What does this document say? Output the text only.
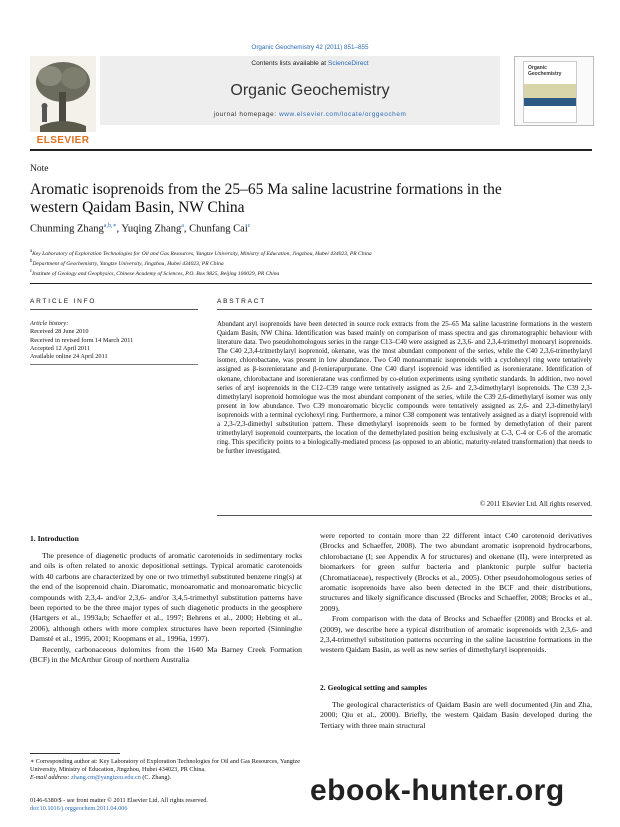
Organic Geochemistry 42 (2011) 851–855
Contents lists available at ScienceDirect
Organic Geochemistry
journal homepage: www.elsevier.com/locate/orggeochem
ELSEVIER
Organic Geochemistry
Note
Aromatic isoprenoids from the 25–65 Ma saline lacustrine formations in the western Qaidam Basin, NW China
Chunming Zhang$^{a,b,∗}$, Yuqing Zhang$^a$, Chunfang Cai$^c$
$^a$Key Laboratory of Exploration Technologies for Oil and Gas Resources, Yangtze University, Ministry of Education, Jingzhou, Hubei 434023, PR China
$^b$Department of Geochemistry, Yangtze University, Jingzhou, Hubei 434023, PR China
$^c$Institute of Geology and Geophysics, Chinese Academy of Sciences, P.O. Box 9825, Beijing 100029, PR China
ARTICLE INFO	ABSTRACT
Article history:
Received 28 June 2010
Received in revised form 14 March 2011
Accepted 12 April 2011
Available online 24 April 2011
Abundant aryl isoprenoids have been detected in source rock extracts from the 25–65 Ma saline lacustrine formations in the western Qaidam Basin, NW China. Identification was based mainly on comparison of mass spectra and gas chromatographic behaviour with literature data. Two pseudohomologous series in the range C13–C40 were assigned as 2,3,6- and 2,3,4-trimethyl monoaryl isoprenoids. The C40 2,3,4-trimethylaryl isoprenoid, okenane, was the most abundant component of the series, while the C40 2,3,6-trimethylaryl isomer, chlorobactane, was present in low abundance. Two C40 monoaromatic isoprenoids with a cyclohexyl ring were tentatively assigned as β-isorenieratane and β-renierapurpurane. One C40 diaryl isoprenoid was identified as isorenieratane. Identification of okenane, chlorobactane and isorenieratane was confirmed by co-elution experiments using synthetic standards. In addition, two novel series of aryl isoprenoids in the C12–C39 range were tentatively assigned as 2,6- and 2,3-dimethylaryl isoprenoids. The C39 2,3-dimethylaryl isoprenoid homologue was the most abundant component of the series, while the C39 2,6-dimethylaryl isomer was only present in low abundance. Two C39 monoaromatic bicyclic compounds were tentatively assigned as 2,6- and 2,3-dimethylaryl isoprenoids with a terminal cyclohexyl ring. Furthermore, a minor C38 component was tentatively assigned as a diaryl isoprenoid with a 2,3-/2,3-dimethyl substitution pattern. These dimethylaryl isoprenoids seem to be formed by demethylation of their parent trimethylaryl isoprenoid counterparts, the location of the demethylated position being exclusively at C-3, C-4 or C-6 of the aromatic ring. This specificity points to a biologically-mediated process (as opposed to an abiotic, maturity-related transformation) that needs to be further investigated.
© 2011 Elsevier Ltd. All rights reserved.
1. Introduction

The presence of diagenetic products of aromatic carotenoids in sedimentary rocks and oils is often related to anoxic depositional settings. Typical aromatic carotenoids with 40 carbons are characterized by one or two trimethyl substituted benzene ring(s) at the end of the isoprenoid chain. Diaromatic, monoaromatic and monoaromatic bicyclic compounds with 2,3,4- and/or 2,3,6- and/or 3,4,5-trimethyl substitution patterns have been reported to be the three major types of such diagenetic products in the geosphere (Hartgers et al., 1993a,b; Schaeffer et al., 1997; Behrens et al., 2000; Hebting et al., 2006), although others with more complex structures have been reported (Sinninghe Damsté et al., 1995, 2001; Koopmans et al., 1996a, 1997).

Recently, carbonaceous dolomites from the 1640 Ma Barney Creek Formation (BCF) in the McArthur Group of northern Australia

were reported to contain more than 22 different intact C40 carotenoid derivatives (Brocks and Schaeffer, 2008). The two abundant aromatic isoprenoid hydrocarbons, chlorobactane (I; see Appendix A for structures) and okenane (II), were interpreted as biomarkers for green sulfur bacteria and planktonic purple sulfur bacteria (Chromatiaceae), respectively (Brocks et al., 2005). Other pseudohomologous series of aromatic isoprenoids have also been detected in the BCF and their distributions, structures and likely significance discussed (Brocks and Schaeffer, 2008; Brocks et al., 2009).

From comparison with the data of Brocks and Schaeffer (2008) and Brocks et al. (2009), we describe here a typical distribution of aromatic isoprenoids with 2,3,6- and 2,3,4-trimethyl substitution patterns occurring in the saline lacustrine formations in the western Qaidam Basin, as well as new series of dimethylaryl isoprenoids.

2. Geological setting and samples

The geological characteristics of Qaidam Basin are well documented (Jin and Zha, 2000; Qiu et al., 2000). Briefly, the western Qaidam Basin developed during the Tertiary with three main structural

∗ Corresponding author at: Key Laboratory of Exploration Technologies for Oil and Gas Resources, Yangtze University, Ministry of Education, Jingzhou, Hubei 434023, PR China.
E-mail address: zhang.cm@yangtzeu.edu.cn (C. Zhang).
0146-6380/$ - see front matter © 2011 Elsevier Ltd. All rights reserved.
doi:10.1016/j.orggeochem.2011.04.006
ebook-hunter.org
